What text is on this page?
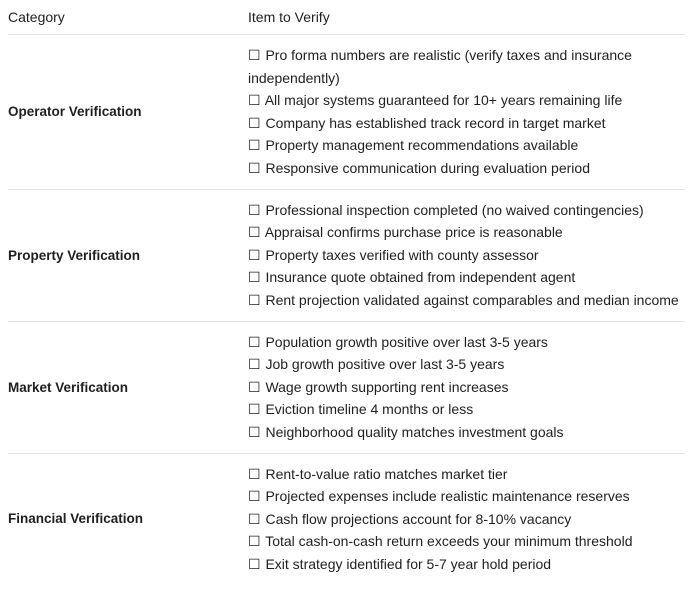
Category	Item to Verify
Operator Verification	☐ Pro forma numbers are realistic (verify taxes and insurance independently)
☐ All major systems guaranteed for 10+ years remaining life
☐ Company has established track record in target market
☐ Property management recommendations available
☐ Responsive communication during evaluation period

Property Verification	☐ Professional inspection completed (no waived contingencies)
☐ Appraisal confirms purchase price is reasonable
☐ Property taxes verified with county assessor
☐ Insurance quote obtained from independent agent
☐ Rent projection validated against comparables and median income

Market Verification	☐ Population growth positive over last 3-5 years
☐ Job growth positive over last 3-5 years
☐ Wage growth supporting rent increases
☐ Eviction timeline 4 months or less
☐ Neighborhood quality matches investment goals

Financial Verification	☐ Rent-to-value ratio matches market tier
☐ Projected expenses include realistic maintenance reserves
☐ Cash flow projections account for 8-10% vacancy
☐ Total cash-on-cash return exceeds your minimum threshold
☐ Exit strategy identified for 5-7 year hold period
